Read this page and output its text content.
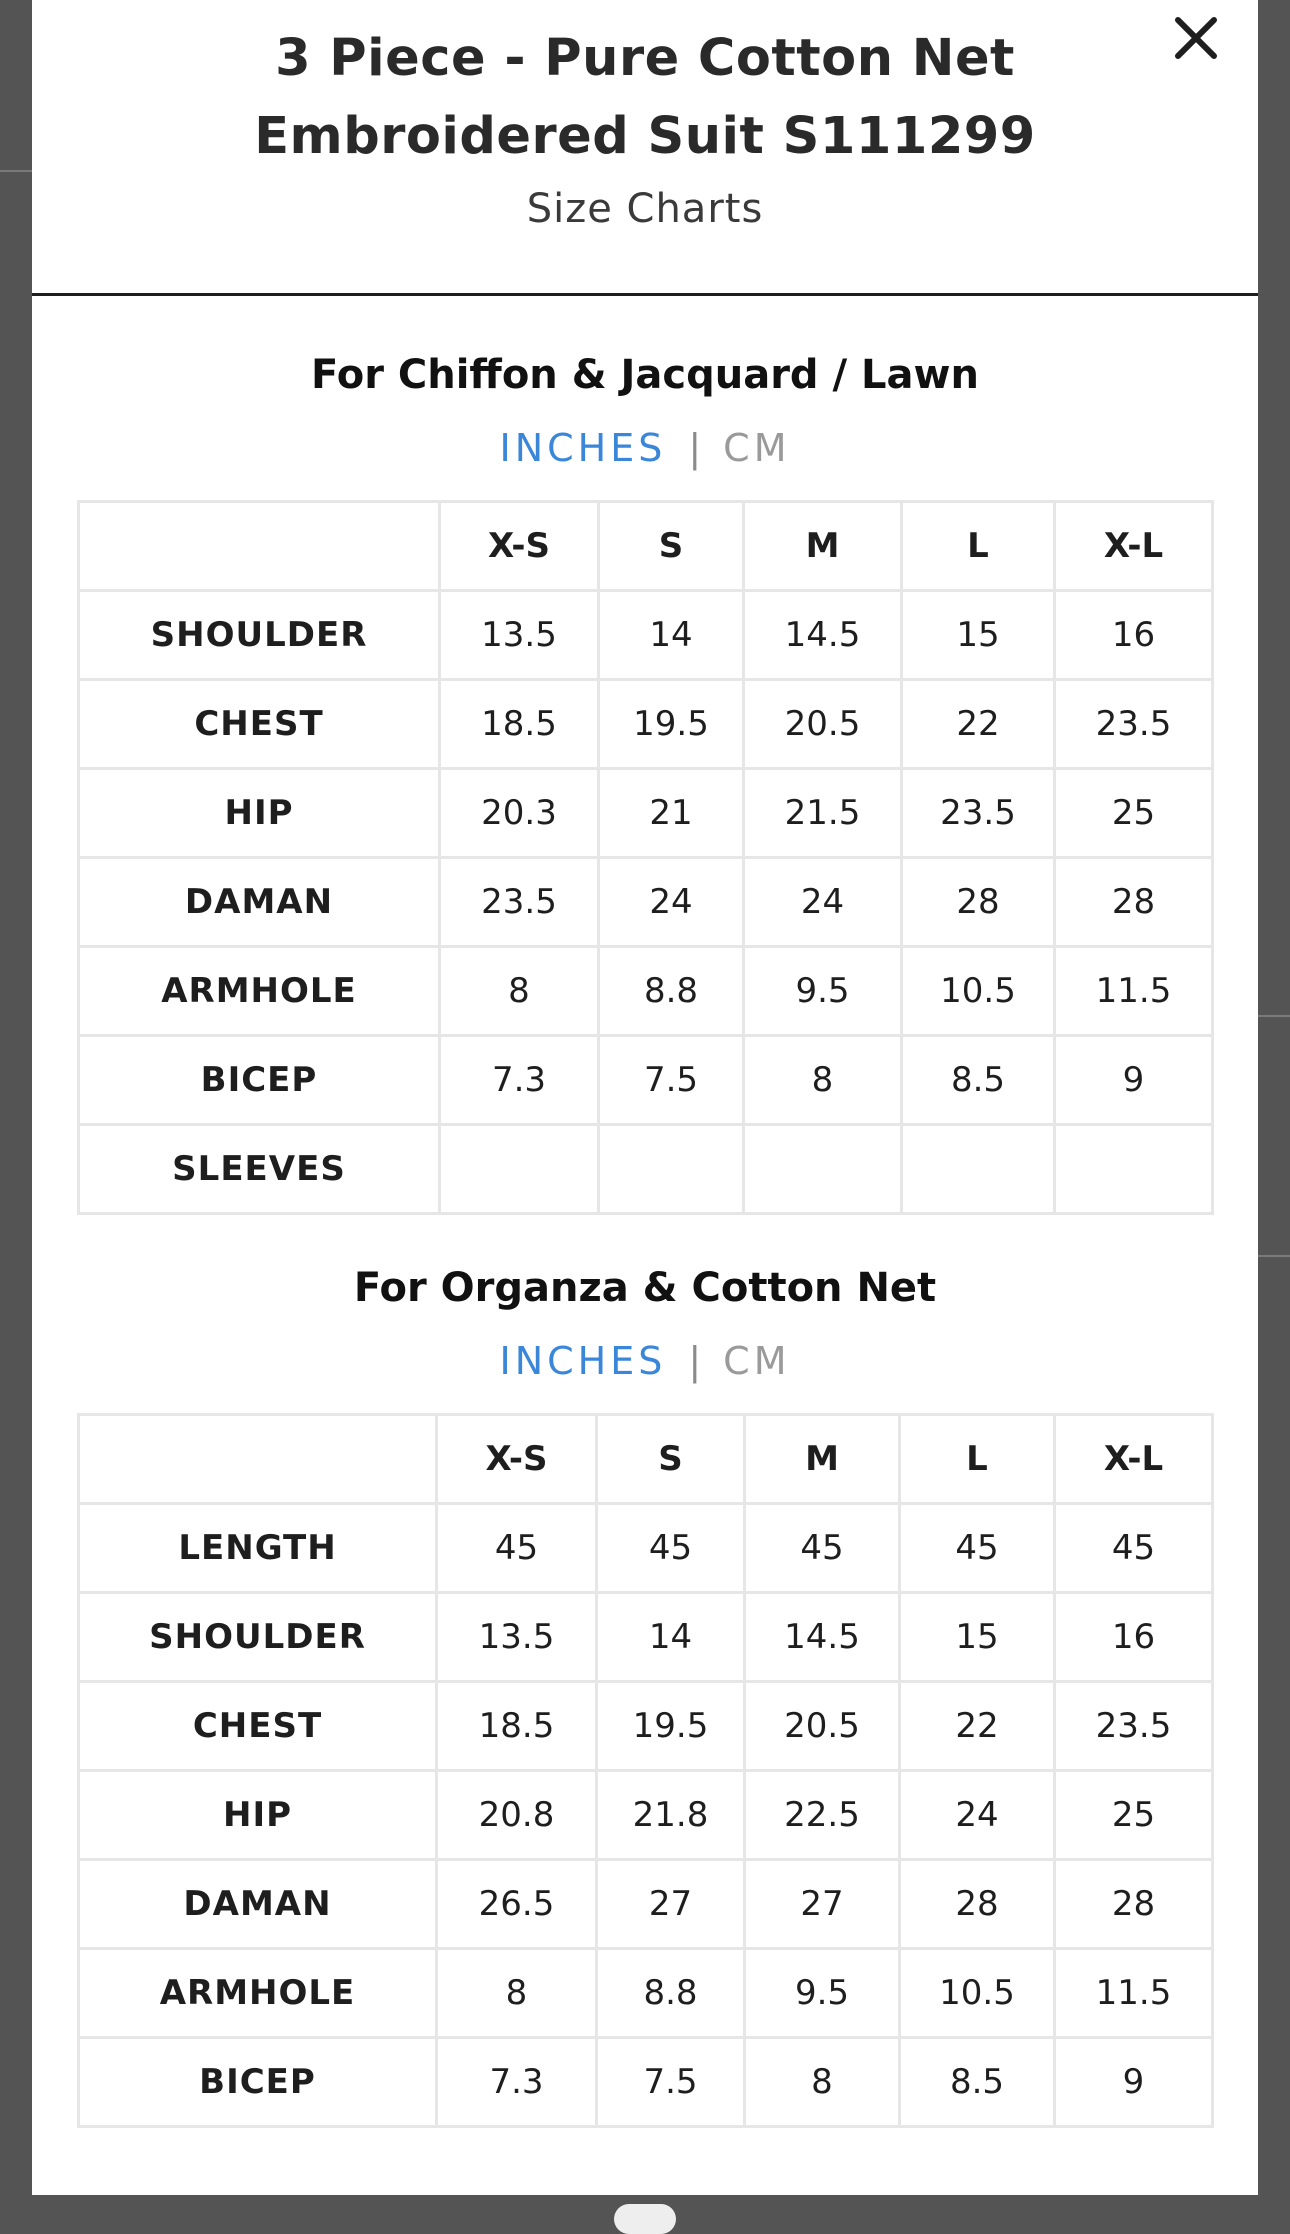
3 Piece - Pure Cotton Net
Embroidered Suit S111299
Size Charts
For Chiffon & Jacquard / Lawn
INCHES | CM
	X-S	S	M	L	X-L
SHOULDER	13.5	14	14.5	15	16
CHEST	18.5	19.5	20.5	22	23.5
HIP	20.3	21	21.5	23.5	25
DAMAN	23.5	24	24	28	28
ARMHOLE	8	8.8	9.5	10.5	11.5
BICEP	7.3	7.5	8	8.5	9
SLEEVES					
For Organza & Cotton Net
INCHES | CM
	X-S	S	M	L	X-L
LENGTH	45	45	45	45	45
SHOULDER	13.5	14	14.5	15	16
CHEST	18.5	19.5	20.5	22	23.5
HIP	20.8	21.8	22.5	24	25
DAMAN	26.5	27	27	28	28
ARMHOLE	8	8.8	9.5	10.5	11.5
BICEP	7.3	7.5	8	8.5	9
